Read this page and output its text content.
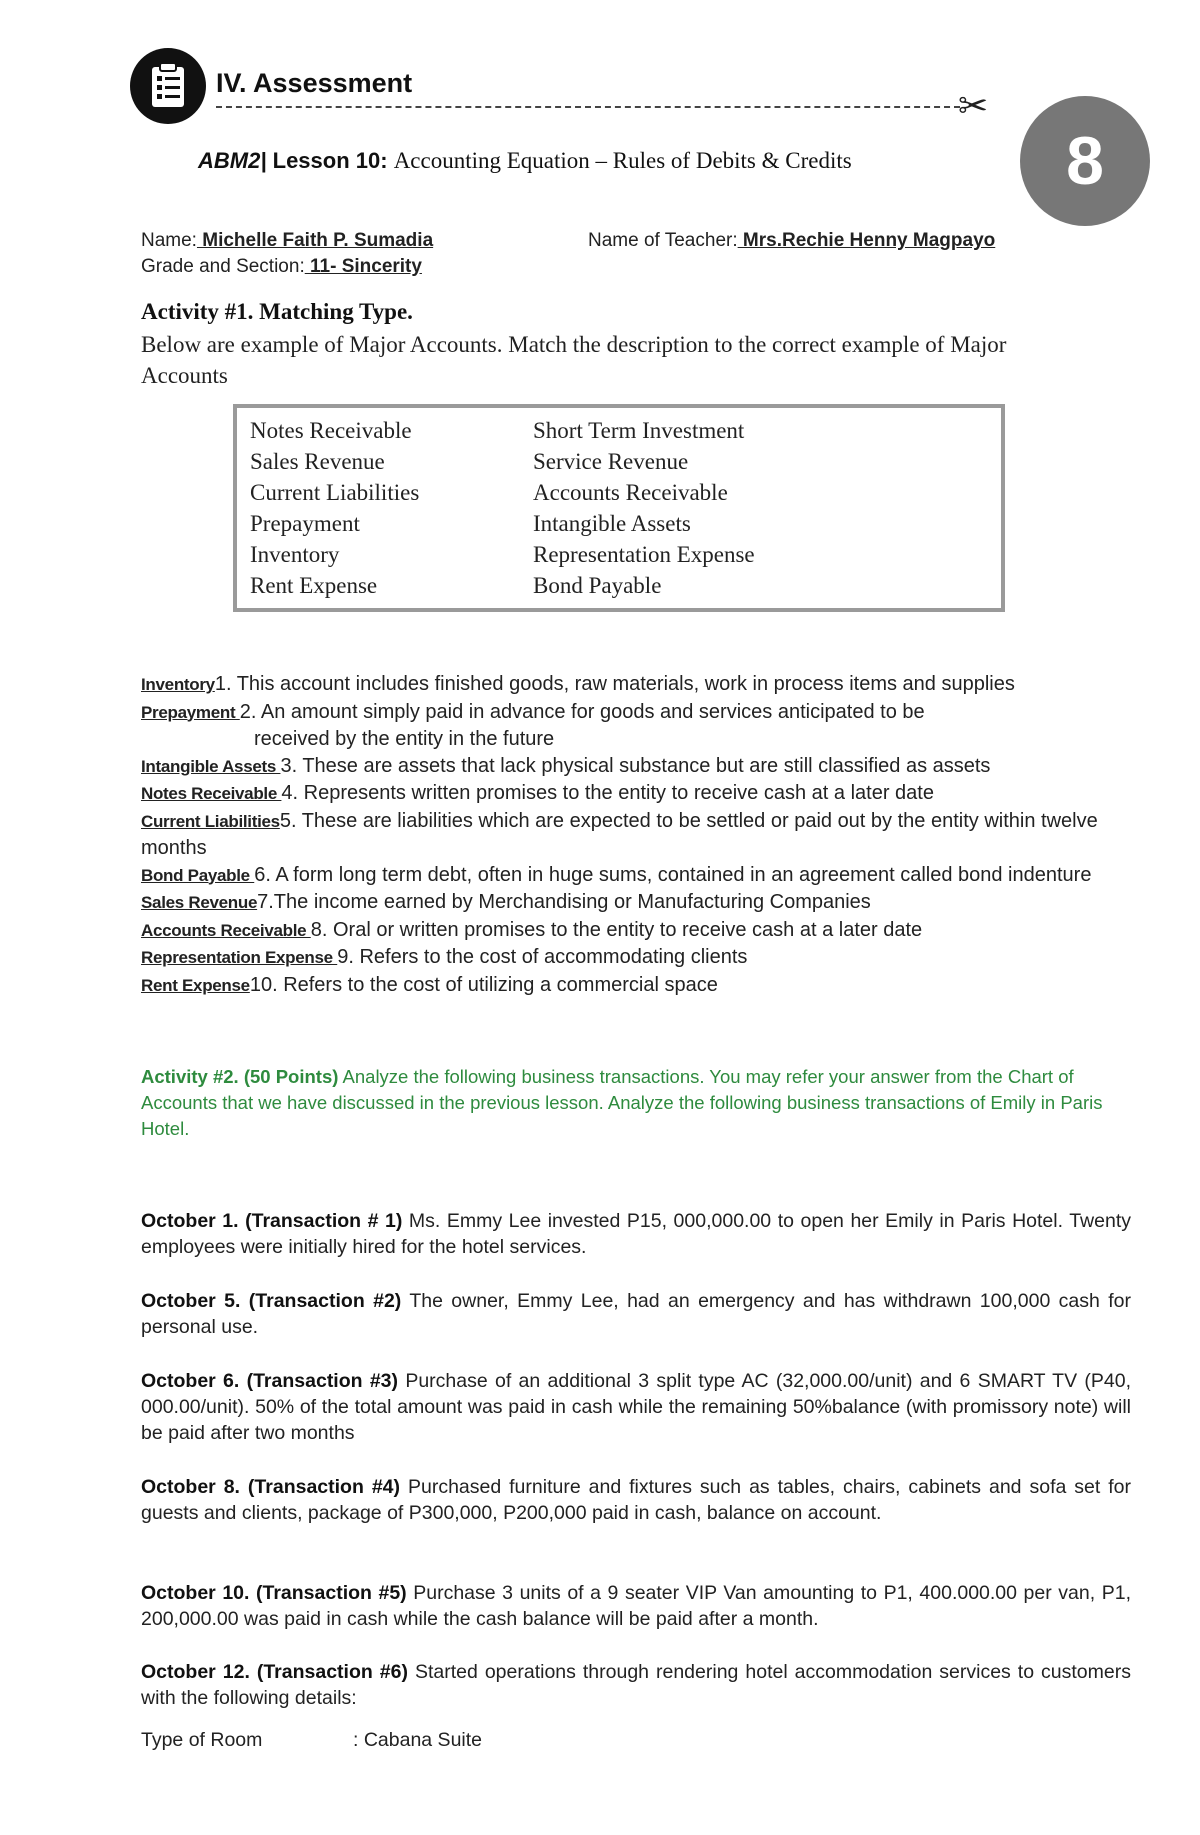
IV. Assessment
✂
8
ABM2| Lesson 10: Accounting Equation – Rules of Debits & Credits
Name: Michelle Faith P. Sumadia	Name of Teacher: Mrs.Rechie Henny Magpayo
Grade and Section: 11- Sincerity
Activity #1. Matching Type.
Below are example of Major Accounts. Match the description to the correct example of Major Accounts
Notes Receivable
Sales Revenue
Current Liabilities
Prepayment
Inventory
Rent Expense
Short Term Investment
Service Revenue
Accounts Receivable
Intangible Assets
Representation Expense
Bond Payable
Inventory1. This account includes finished goods, raw materials, work in process items and supplies
Prepayment 2. An amount simply paid in advance for goods and services anticipated to be
received by the entity in the future
Intangible Assets 3. These are assets that lack physical substance but are still classified as assets
Notes Receivable 4. Represents written promises to the entity to receive cash at a later date
Current Liabilities5. These are liabilities which are expected to be settled or paid out by the entity within twelve months
Bond Payable 6. A form long term debt, often in huge sums, contained in an agreement called bond indenture
Sales Revenue7.The income earned by Merchandising or Manufacturing Companies
Accounts Receivable 8. Oral or written promises to the entity to receive cash at a later date
Representation Expense 9. Refers to the cost of accommodating clients
Rent Expense10. Refers to the cost of utilizing a commercial space
Activity #2. (50 Points) Analyze the following business transactions. You may refer your answer from the Chart of Accounts that we have discussed in the previous lesson. Analyze the following business transactions of Emily in Paris Hotel.
October 1. (Transaction # 1) Ms. Emmy Lee invested P15, 000,000.00 to open her Emily in Paris Hotel. Twenty employees were initially hired for the hotel services.
October 5. (Transaction #2) The owner, Emmy Lee, had an emergency and has withdrawn 100,000 cash for personal use.
October 6. (Transaction #3) Purchase of an additional 3 split type AC (32,000.00/unit) and 6 SMART TV (P40, 000.00/unit). 50% of the total amount was paid in cash while the remaining 50%balance (with promissory note) will be paid after two months
October 8. (Transaction #4) Purchased furniture and fixtures such as tables, chairs, cabinets and sofa set for guests and clients, package of P300,000, P200,000 paid in cash, balance on account.
October 10. (Transaction #5) Purchase 3 units of a 9 seater VIP Van amounting to P1, 400.000.00 per van, P1, 200,000.00 was paid in cash while the cash balance will be paid after a month.
October 12. (Transaction #6) Started operations through rendering hotel accommodation services to customers with the following details:
Type of Room	: Cabana Suite
